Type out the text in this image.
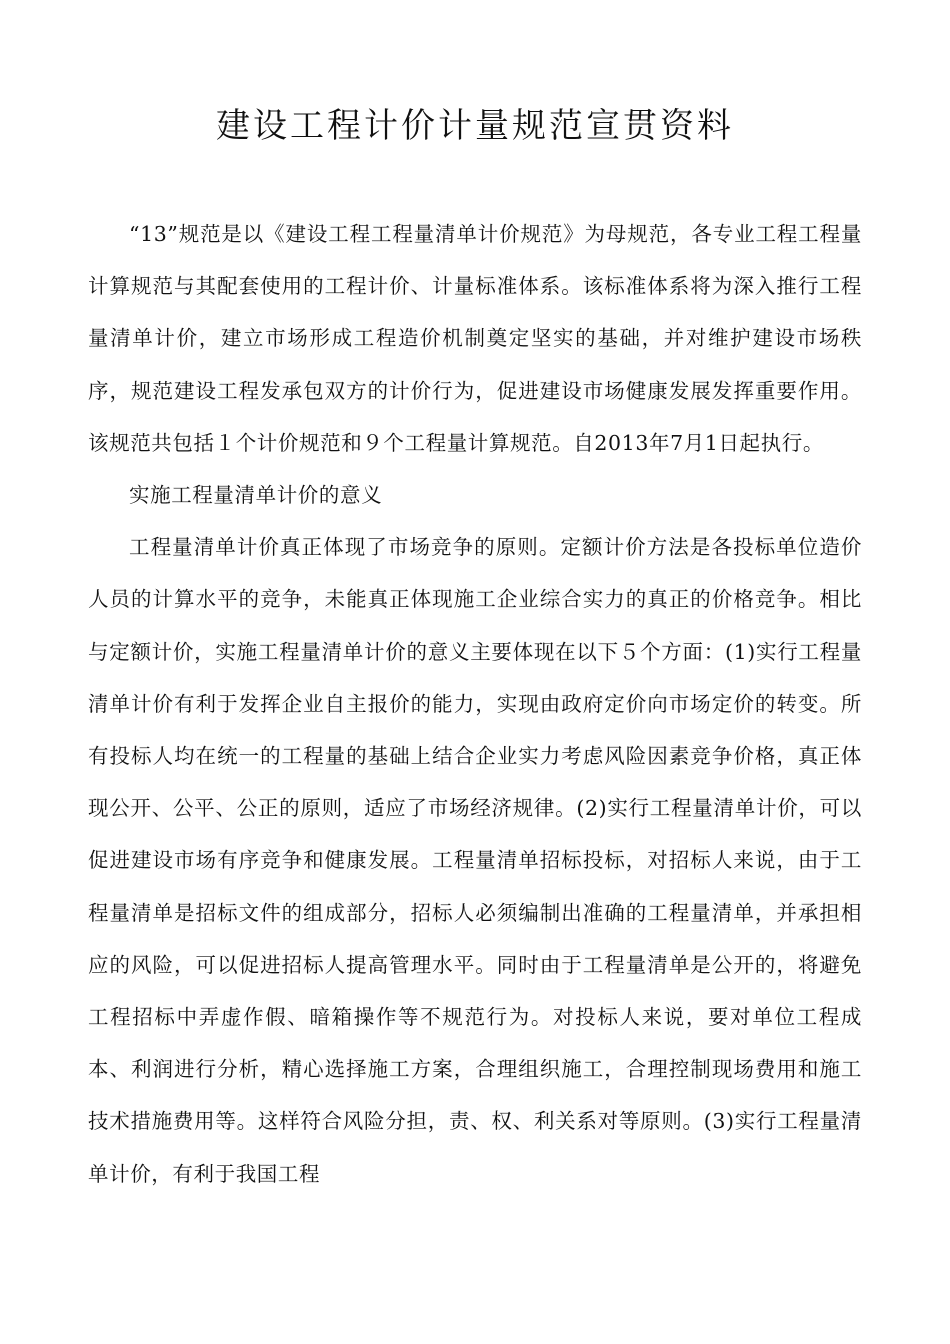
建设工程计价计量规范宣贯资料

“13”规范是以《建设工程工程量清单计价规范》为母规范，各专业工程工程量计算规范与其配套使用的工程计价、计量标准体系。该标准体系将为深入推行工程量清单计价，建立市场形成工程造价机制奠定坚实的基础，并对维护建设市场秩序，规范建设工程发承包双方的计价行为，促进建设市场健康发展发挥重要作用。该规范共包括１个计价规范和９个工程量计算规范。自2013年7月1日起执行。

实施工程量清单计价的意义

工程量清单计价真正体现了市场竞争的原则。定额计价方法是各投标单位造价人员的计算水平的竞争，未能真正体现施工企业综合实力的真正的价格竞争。相比与定额计价，实施工程量清单计价的意义主要体现在以下５个方面：(1)实行工程量清单计价有利于发挥企业自主报价的能力，实现由政府定价向市场定价的转变。所有投标人均在统一的工程量的基础上结合企业实力考虑风险因素竞争价格，真正体现公开、公平、公正的原则，适应了市场经济规律。(2)实行工程量清单计价，可以促进建设市场有序竞争和健康发展。工程量清单招标投标，对招标人来说，由于工程量清单是招标文件的组成部分，招标人必须编制出准确的工程量清单，并承担相应的风险，可以促进招标人提高管理水平。同时由于工程量清单是公开的，将避免工程招标中弄虚作假、暗箱操作等不规范行为。对投标人来说，要对单位工程成本、利润进行分析，精心选择施工方案，合理组织施工，合理控制现场费用和施工技术措施费用等。这样符合风险分担，责、权、利关系对等原则。(3)实行工程量清单计价，有利于我国工程
